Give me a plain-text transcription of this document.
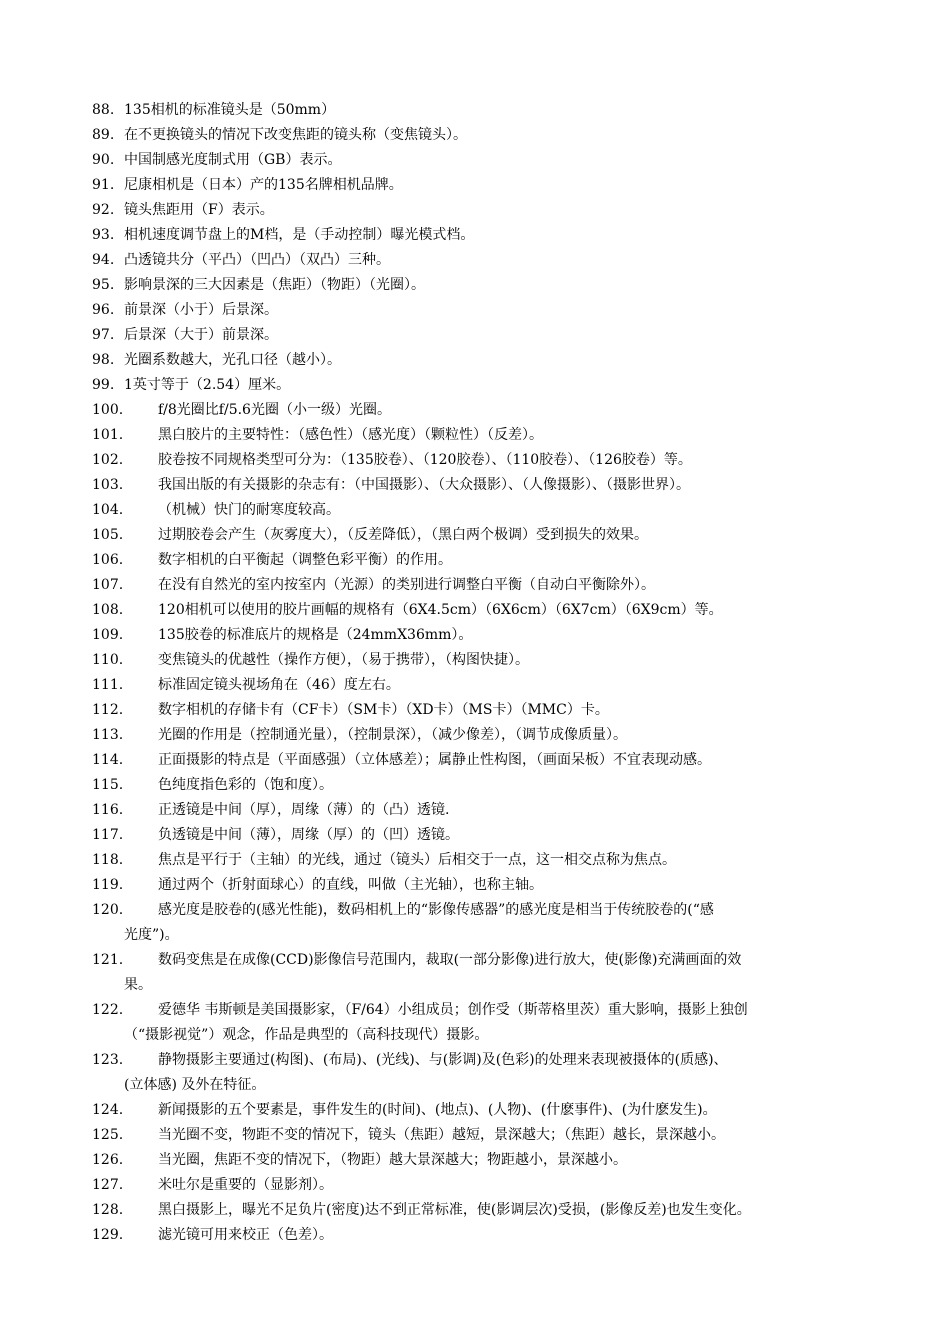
88. 135相机的标准镜头是（50mm）
89. 在不更换镜头的情况下改变焦距的镜头称（变焦镜头）。
90. 中国制感光度制式用（GB）表示。
91. 尼康相机是（日本）产的135名牌相机品牌。
92. 镜头焦距用（F）表示。
93. 相机速度调节盘上的M档，是（手动控制）曝光模式档。
94. 凸透镜共分（平凸）（凹凸）（双凸）三种。
95. 影响景深的三大因素是（焦距）（物距）（光圈）。
96. 前景深（小于）后景深。
97. 后景深（大于）前景深。
98. 光圈系数越大，光孔口径（越小）。
99. 1英寸等于（2.54）厘米。
100.	f/8光圈比f/5.6光圈（小一级）光圈。
101.	黑白胶片的主要特性：（感色性）（感光度）（颗粒性）（反差）。
102.	胶卷按不同规格类型可分为：（135胶卷）、（120胶卷）、（110胶卷）、（126胶卷）等。
103.	我国出版的有关摄影的杂志有：（中国摄影）、（大众摄影）、（人像摄影）、（摄影世界）。
104.	（机械）快门的耐寒度较高。
105.	过期胶卷会产生（灰雾度大），（反差降低），（黑白两个极调）受到损失的效果。
106.	数字相机的白平衡起（调整色彩平衡）的作用。
107.	在没有自然光的室内按室内（光源）的类别进行调整白平衡（自动白平衡除外）。
108.	120相机可以使用的胶片画幅的规格有（6X4.5cm）（6X6cm）（6X7cm）（6X9cm）等。
109.	135胶卷的标准底片的规格是（24mmX36mm）。
110.	变焦镜头的优越性（操作方便），（易于携带），（构图快捷）。
111.	标准固定镜头视场角在（46）度左右。
112.	数字相机的存储卡有（CF卡）（SM卡）（XD卡）（MS卡）（MMC）卡。
113.	光圈的作用是（控制通光量），（控制景深），（减少像差），（调节成像质量）。
114.	正面摄影的特点是（平面感强）（立体感差）；属静止性构图，（画面呆板）不宜表现动感。
115.	色纯度指色彩的（饱和度）。
116.	正透镜是中间（厚），周缘（薄）的（凸）透镜.
117.	负透镜是中间（薄），周缘（厚）的（凹）透镜。
118.	焦点是平行于（主轴）的光线，通过（镜头）后相交于一点，这一相交点称为焦点。
119.	通过两个（折射面球心）的直线，叫做（主光轴），也称主轴。
120.	感光度是胶卷的(感光性能)，数码相机上的“影像传感器”的感光度是相当于传统胶卷的(“感
光度”)。
121.	数码变焦是在成像(CCD)影像信号范围内，裁取(一部分影像)进行放大，使(影像)充满画面的效
果。
122.	爱德华 韦斯顿是美国摄影家，（F/64）小组成员；创作受（斯蒂格里茨）重大影响，摄影上独创
（“摄影视觉”）观念，作品是典型的（高科技现代）摄影。
123.	静物摄影主要通过(构图)、(布局)、(光线)、与(影调)及(色彩)的处理来表现被摄体的(质感)、
(立体感) 及外在特征。
124.	新闻摄影的五个要素是，事件发生的(时间)、(地点)、(人物)、(什麽事件)、(为什麽发生)。
125.	当光圈不变，物距不变的情况下，镜头（焦距）越短，景深越大；（焦距）越长，景深越小。
126.	当光圈，焦距不变的情况下，（物距）越大景深越大；物距越小，景深越小。
127.	米吐尔是重要的（显影剂）。
128.	黑白摄影上，曝光不足负片(密度)达不到正常标准，使(影调层次)受损，(影像反差)也发生变化。
129.	滤光镜可用来校正（色差）。
